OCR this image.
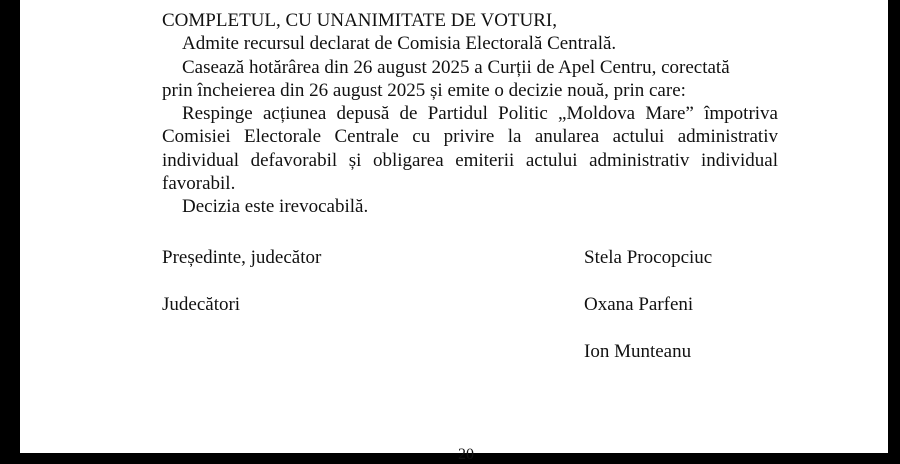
COMPLETUL, CU UNANIMITATE DE VOTURI,

Admite recursul declarat de Comisia Electorală Centrală.

Casează hotărârea din 26 august 2025 a Curții de Apel Centru, corectată

prin încheierea din 26 august 2025 și emite o decizie nouă, prin care:

Respinge acțiunea depusă de Partidul Politic „Moldova Mare” împotriva Comisiei Electorale Centrale cu privire la anularea actului administrativ individual defavorabil și obligarea emiterii actului administrativ individual favorabil.

Decizia este irevocabilă.

Președinte, judecător	Stela Procopciuc
Judecători	Oxana Parfeni
Ion Munteanu
20
